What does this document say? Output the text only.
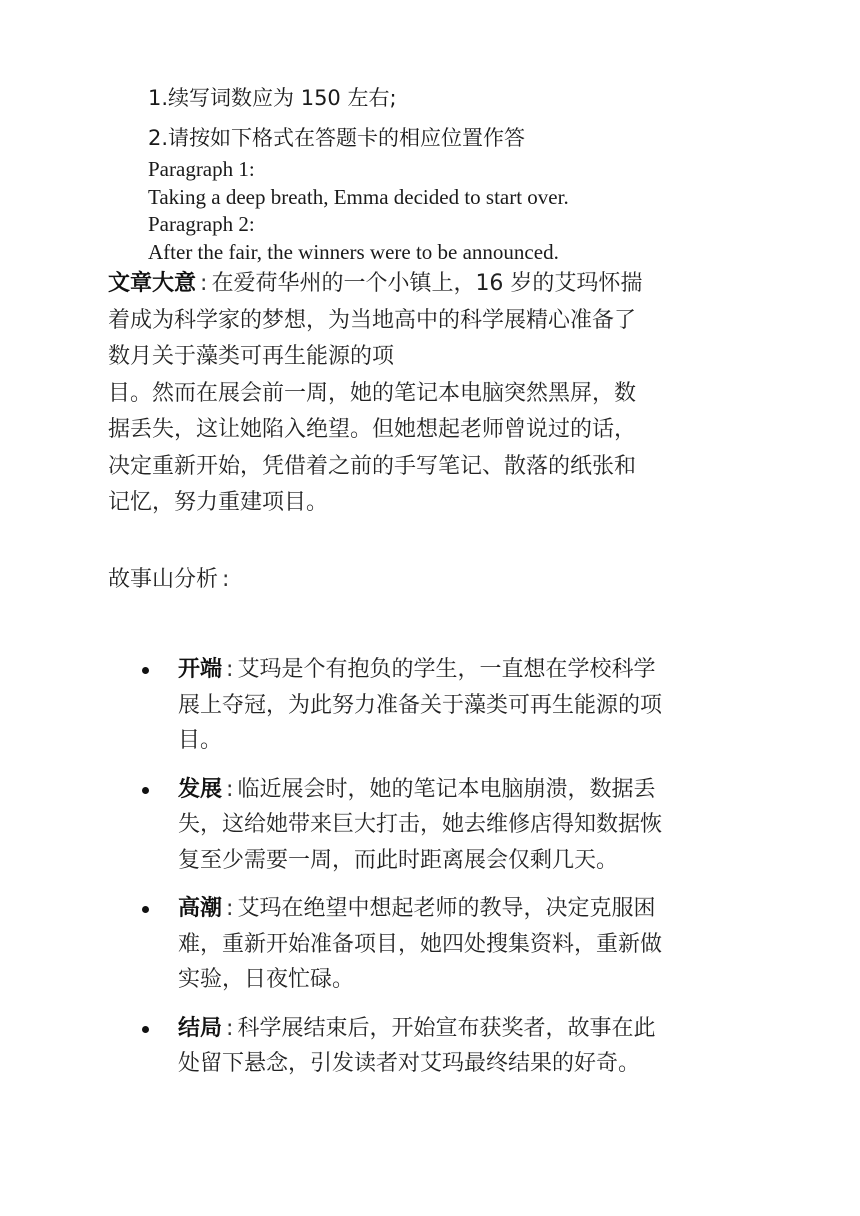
1.续写词数应为 150 左右;
2.请按如下格式在答题卡的相应位置作答
Paragraph 1:
Taking a deep breath, Emma decided to start over.
Paragraph 2:
After the fair, the winners were to be announced.
文章大意 : 在爱荷华州的一个小镇上，16 岁的艾玛怀揣
着成为科学家的梦想，为当地高中的科学展精心准备了
数月关于藻类可再生能源的项
目。然而在展会前一周，她的笔记本电脑突然黑屏，数
据丢失，这让她陷入绝望。但她想起老师曾说过的话，
决定重新开始，凭借着之前的手写笔记、散落的纸张和
记忆，努力重建项目。
故事山分析 :
开端 : 艾玛是个有抱负的学生，一直想在学校科学
展上夺冠，为此努力准备关于藻类可再生能源的项
目。
发展 : 临近展会时，她的笔记本电脑崩溃，数据丢
失，这给她带来巨大打击，她去维修店得知数据恢
复至少需要一周，而此时距离展会仅剩几天。
高潮 : 艾玛在绝望中想起老师的教导，决定克服困
难，重新开始准备项目，她四处搜集资料，重新做
实验，日夜忙碌。
结局 : 科学展结束后，开始宣布获奖者，故事在此
处留下悬念，引发读者对艾玛最终结果的好奇。
